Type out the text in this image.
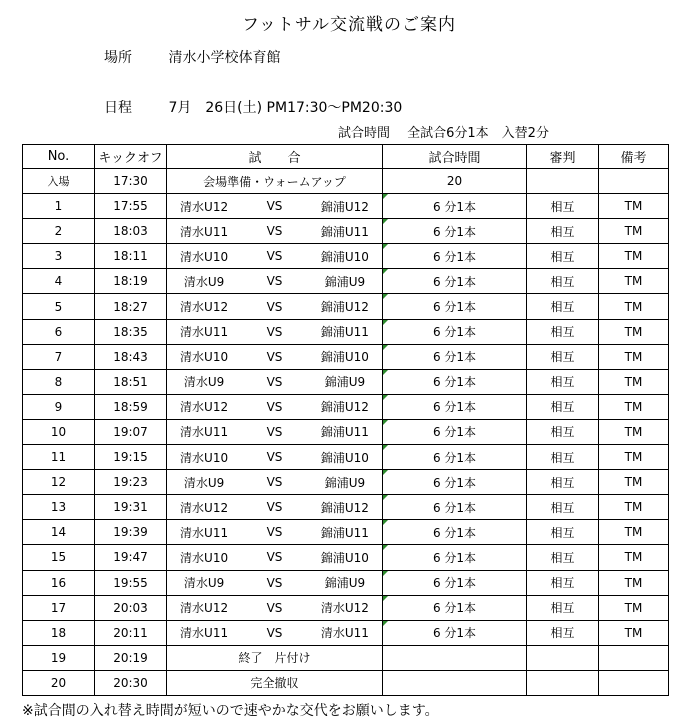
フットサル交流戦のご案内
場所	清水小学校体育館
日程	7月　26日(土) PM17:30〜PM20:30
試合時間　 全試合6分1本　入替2分
No.	キックオフ	試　　合	試合時間	審判	備考
入場	17:30	会場準備・ウォームアップ	20		
1	17:55	清水U12 VS 錦浦U12	6 分1本	相互	TM
2	18:03	清水U11 VS 錦浦U11	6 分1本	相互	TM
3	18:11	清水U10 VS 錦浦U10	6 分1本	相互	TM
4	18:19	清水U9 VS 錦浦U9	6 分1本	相互	TM
5	18:27	清水U12 VS 錦浦U12	6 分1本	相互	TM
6	18:35	清水U11 VS 錦浦U11	6 分1本	相互	TM
7	18:43	清水U10 VS 錦浦U10	6 分1本	相互	TM
8	18:51	清水U9 VS 錦浦U9	6 分1本	相互	TM
9	18:59	清水U12 VS 錦浦U12	6 分1本	相互	TM
10	19:07	清水U11 VS 錦浦U11	6 分1本	相互	TM
11	19:15	清水U10 VS 錦浦U10	6 分1本	相互	TM
12	19:23	清水U9 VS 錦浦U9	6 分1本	相互	TM
13	19:31	清水U12 VS 錦浦U12	6 分1本	相互	TM
14	19:39	清水U11 VS 錦浦U11	6 分1本	相互	TM
15	19:47	清水U10 VS 錦浦U10	6 分1本	相互	TM
16	19:55	清水U9 VS 錦浦U9	6 分1本	相互	TM
17	20:03	清水U12 VS 清水U12	6 分1本	相互	TM
18	20:11	清水U11 VS 清水U11	6 分1本	相互	TM
19	20:19	終了　片付け			
20	20:30	完全撤収			
※試合間の入れ替え時間が短いので速やかな交代をお願いします。
